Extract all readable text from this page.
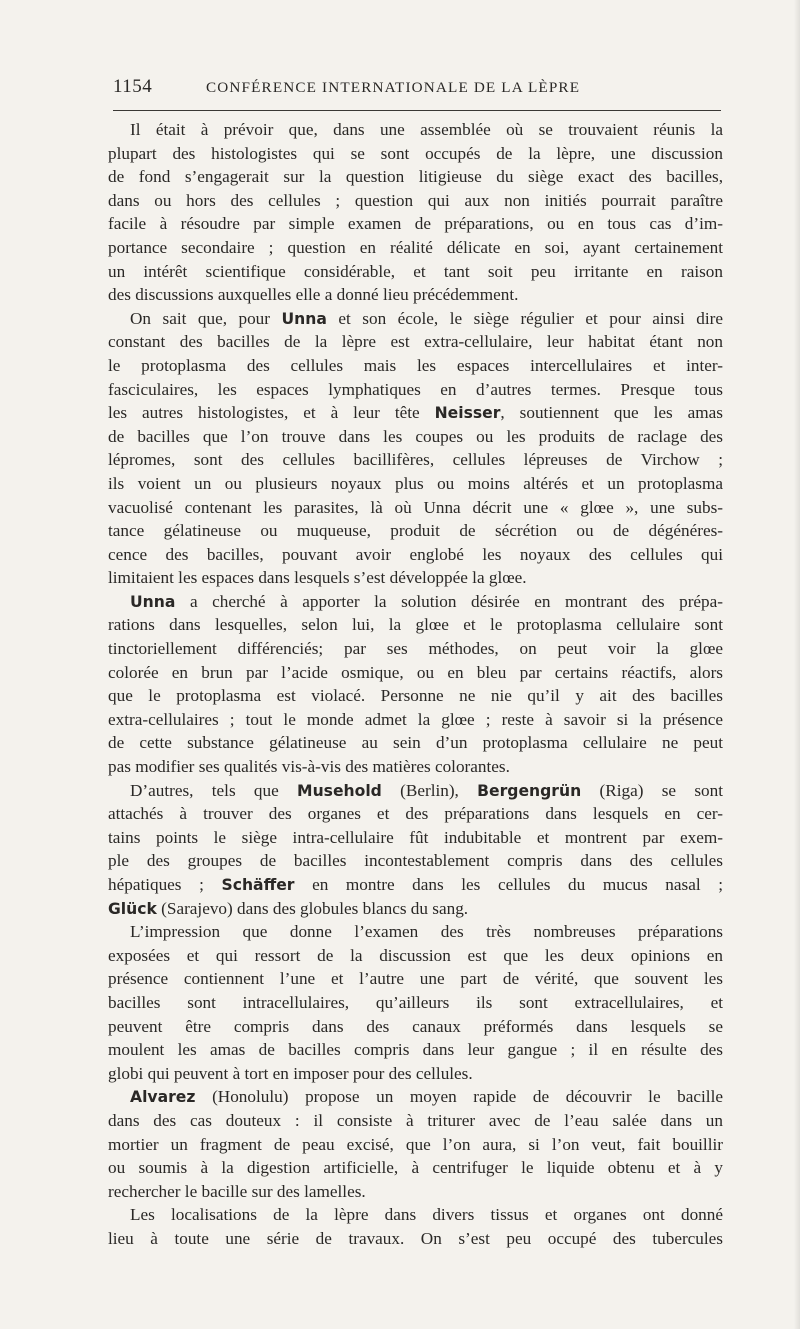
1154	CONFÉRENCE INTERNATIONALE DE LA LÈPRE
Il était à prévoir que, dans une assemblée où se trouvaient réunis la
plupart des histologistes qui se sont occupés de la lèpre, une discussion
de fond s’engagerait sur la question litigieuse du siège exact des bacilles,
dans ou hors des cellules ; question qui aux non initiés pourrait paraître
facile à résoudre par simple examen de préparations, ou en tous cas d’im-
portance secondaire ; question en réalité délicate en soi, ayant certainement
un intérêt scientifique considérable, et tant soit peu irritante en raison
des discussions auxquelles elle a donné lieu précédemment.
On sait que, pour Unna et son école, le siège régulier et pour ainsi dire
constant des bacilles de la lèpre est extra-cellulaire, leur habitat étant non
le protoplasma des cellules mais les espaces intercellulaires et inter-
fasciculaires, les espaces lymphatiques en d’autres termes. Presque tous
les autres histologistes, et à leur tête Neisser, soutiennent que les amas
de bacilles que l’on trouve dans les coupes ou les produits de raclage des
lépromes, sont des cellules bacillifères, cellules lépreuses de Virchow ;
ils voient un ou plusieurs noyaux plus ou moins altérés et un protoplasma
vacuolisé contenant les parasites, là où Unna décrit une « glœe », une subs-
tance gélatineuse ou muqueuse, produit de sécrétion ou de dégénéres-
cence des bacilles, pouvant avoir englobé les noyaux des cellules qui
limitaient les espaces dans lesquels s’est développée la glœe.
Unna a cherché à apporter la solution désirée en montrant des prépa-
rations dans lesquelles, selon lui, la glœe et le protoplasma cellulaire sont
tinctoriellement différenciés; par ses méthodes, on peut voir la glœe
colorée en brun par l’acide osmique, ou en bleu par certains réactifs, alors
que le protoplasma est violacé. Personne ne nie qu’il y ait des bacilles
extra-cellulaires ; tout le monde admet la glœe ; reste à savoir si la présence
de cette substance gélatineuse au sein d’un protoplasma cellulaire ne peut
pas modifier ses qualités vis-à-vis des matières colorantes.
D’autres, tels que Musehold (Berlin), Bergengrün (Riga) se sont
attachés à trouver des organes et des préparations dans lesquels en cer-
tains points le siège intra-cellulaire fût indubitable et montrent par exem-
ple des groupes de bacilles incontestablement compris dans des cellules
hépatiques ; Schäffer en montre dans les cellules du mucus nasal ;
Glück (Sarajevo) dans des globules blancs du sang.
L’impression que donne l’examen des très nombreuses préparations
exposées et qui ressort de la discussion est que les deux opinions en
présence contiennent l’une et l’autre une part de vérité, que souvent les
bacilles sont intracellulaires, qu’ailleurs ils sont extracellulaires, et
peuvent être compris dans des canaux préformés dans lesquels se
moulent les amas de bacilles compris dans leur gangue ; il en résulte des
globi qui peuvent à tort en imposer pour des cellules.
Alvarez (Honolulu) propose un moyen rapide de découvrir le bacille
dans des cas douteux : il consiste à triturer avec de l’eau salée dans un
mortier un fragment de peau excisé, que l’on aura, si l’on veut, fait bouillir
ou soumis à la digestion artificielle, à centrifuger le liquide obtenu et à y
rechercher le bacille sur des lamelles.
Les localisations de la lèpre dans divers tissus et organes ont donné
lieu à toute une série de travaux. On s’est peu occupé des tubercules
